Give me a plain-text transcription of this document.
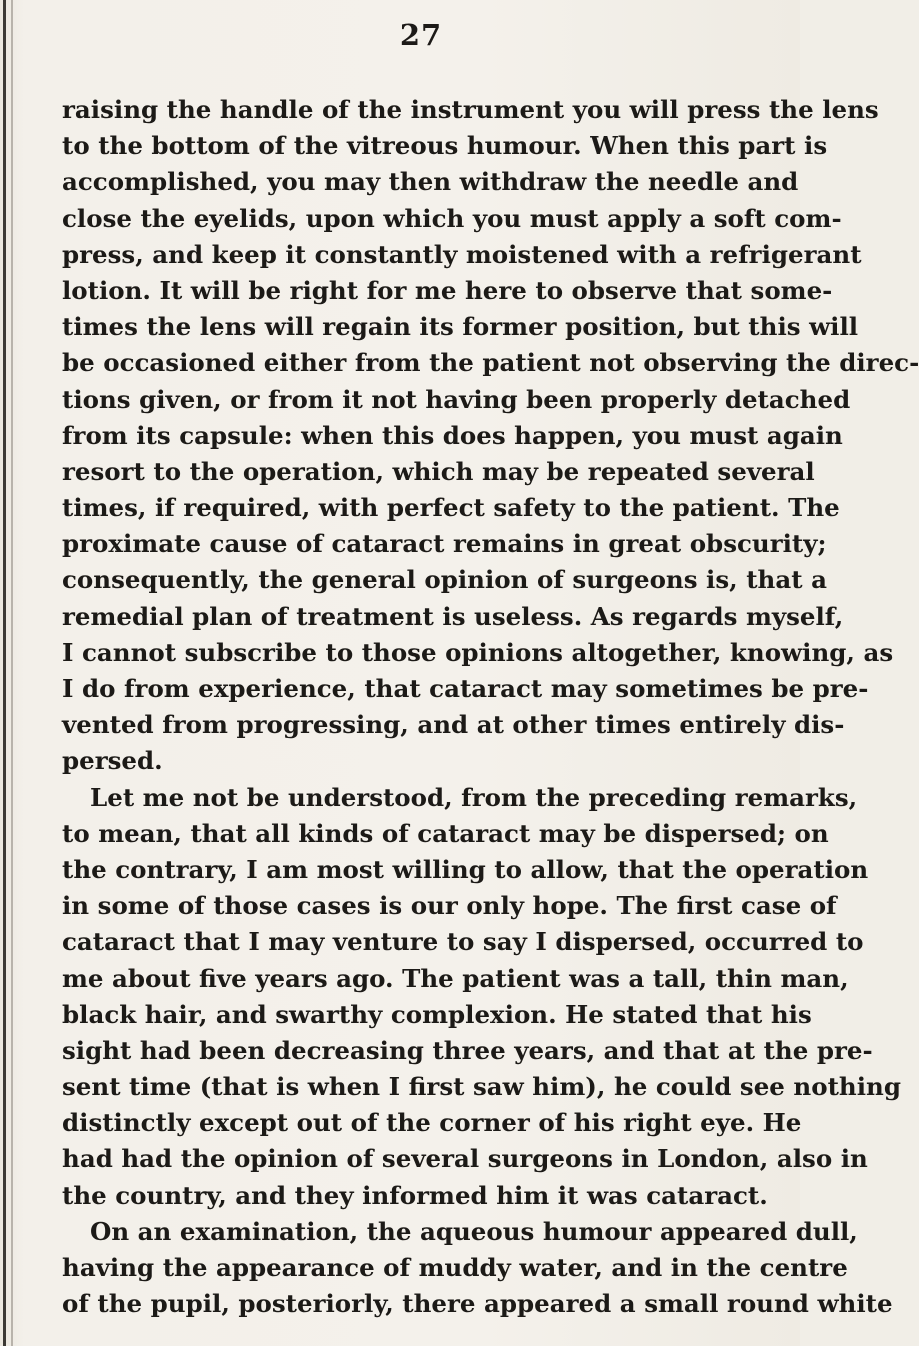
27
raising the handle of the instrument you will press the lens
to the bottom of the vitreous humour. When this part is
accomplished, you may then withdraw the needle and
close the eyelids, upon which you must apply a soft com-
press, and keep it constantly moistened with a refrigerant
lotion. It will be right for me here to observe that some-
times the lens will regain its former position, but this will
be occasioned either from the patient not observing the direc-
tions given, or from it not having been properly detached
from its capsule: when this does happen, you must again
resort to the operation, which may be repeated several
times, if required, with perfect safety to the patient. The
proximate cause of cataract remains in great obscurity;
consequently, the general opinion of surgeons is, that a
remedial plan of treatment is useless. As regards myself,
I cannot subscribe to those opinions altogether, knowing, as
I do from experience, that cataract may sometimes be pre-
vented from progressing, and at other times entirely dis-
persed.
Let me not be understood, from the preceding remarks,
to mean, that all kinds of cataract may be dispersed; on
the contrary, I am most willing to allow, that the operation
in some of those cases is our only hope. The first case of
cataract that I may venture to say I dispersed, occurred to
me about five years ago. The patient was a tall, thin man,
black hair, and swarthy complexion. He stated that his
sight had been decreasing three years, and that at the pre-
sent time (that is when I first saw him), he could see nothing
distinctly except out of the corner of his right eye. He
had had the opinion of several surgeons in London, also in
the country, and they informed him it was cataract.
On an examination, the aqueous humour appeared dull,
having the appearance of muddy water, and in the centre
of the pupil, posteriorly, there appeared a small round white
